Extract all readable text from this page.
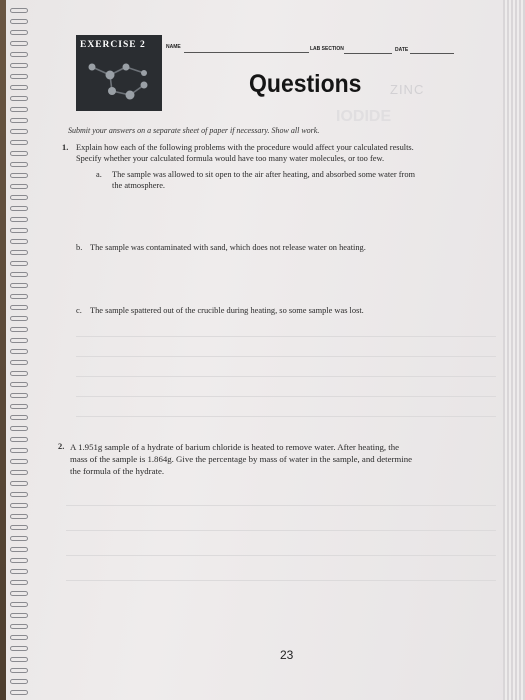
EXERCISE 2	NAME	LAB SECTION	DATE
Questions ZINC
IODIDE
Submit your answers on a separate sheet of paper if necessary. Show all work.
1. Explain how each of the following problems with the procedure would affect your calculated results.
Specify whether your calculated formula would have too many water molecules, or too few.
a. The sample was allowed to sit open to the air after heating, and absorbed some water from
the atmosphere.
b. The sample was contaminated with sand, which does not release water on heating.
c. The sample spattered out of the crucible during heating, so some sample was lost.
2. A 1.951g sample of a hydrate of barium chloride is heated to remove water. After heating, the
mass of the sample is 1.864g. Give the percentage by mass of water in the sample, and determine
the formula of the hydrate.
23
